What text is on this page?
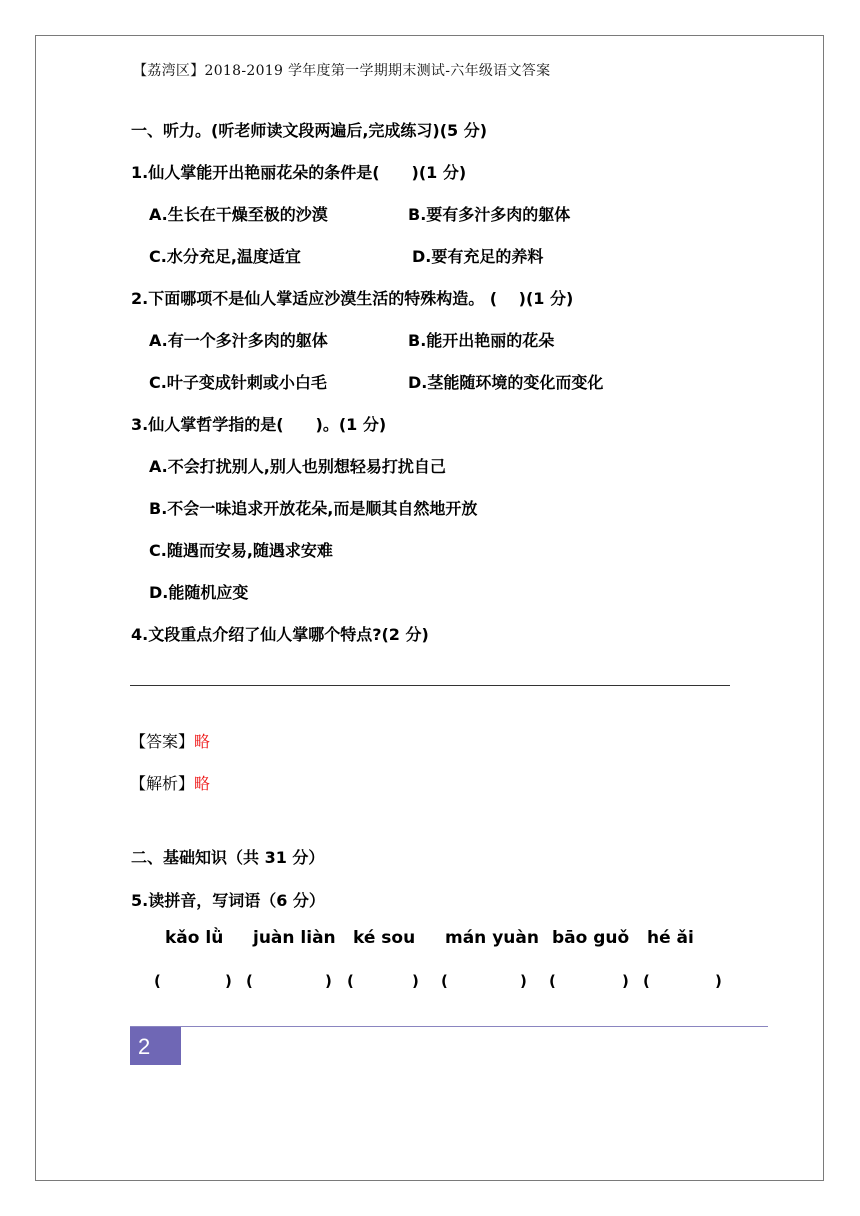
【荔湾区】2018-2019 学年度第一学期期末测试-六年级语文答案
一、听力。(听老师读文段两遍后,完成练习)(5 分)
1.仙人掌能开出艳丽花朵的条件是(　　)(1 分)
A.生长在干燥至极的沙漠	B.要有多汁多肉的躯体
C.水分充足,温度适宜	D.要有充足的养料
2.下面哪项不是仙人掌适应沙漠生活的特殊构造。 (　 )(1 分)
A.有一个多汁多肉的躯体	B.能开出艳丽的花朵
C.叶子变成针刺或小白毛	D.茎能随环境的变化而变化
3.仙人掌哲学指的是(　　)。(1 分)
A.不会打扰别人,别人也别想轻易打扰自己
B.不会一味追求开放花朵,而是顺其自然地开放
C.随遇而安易,随遇求安难
D.能随机应变
4.文段重点介绍了仙人掌哪个特点?(2 分)
【答案】略
【解析】略
二、基础知识（共 31 分）
5.读拼音，写词语（6 分）
kǎo lǜ juàn liàn ké sou mán yuàn bāo guǒ hé ǎi
(	) (	) (	) (	) (	) (	)
2
